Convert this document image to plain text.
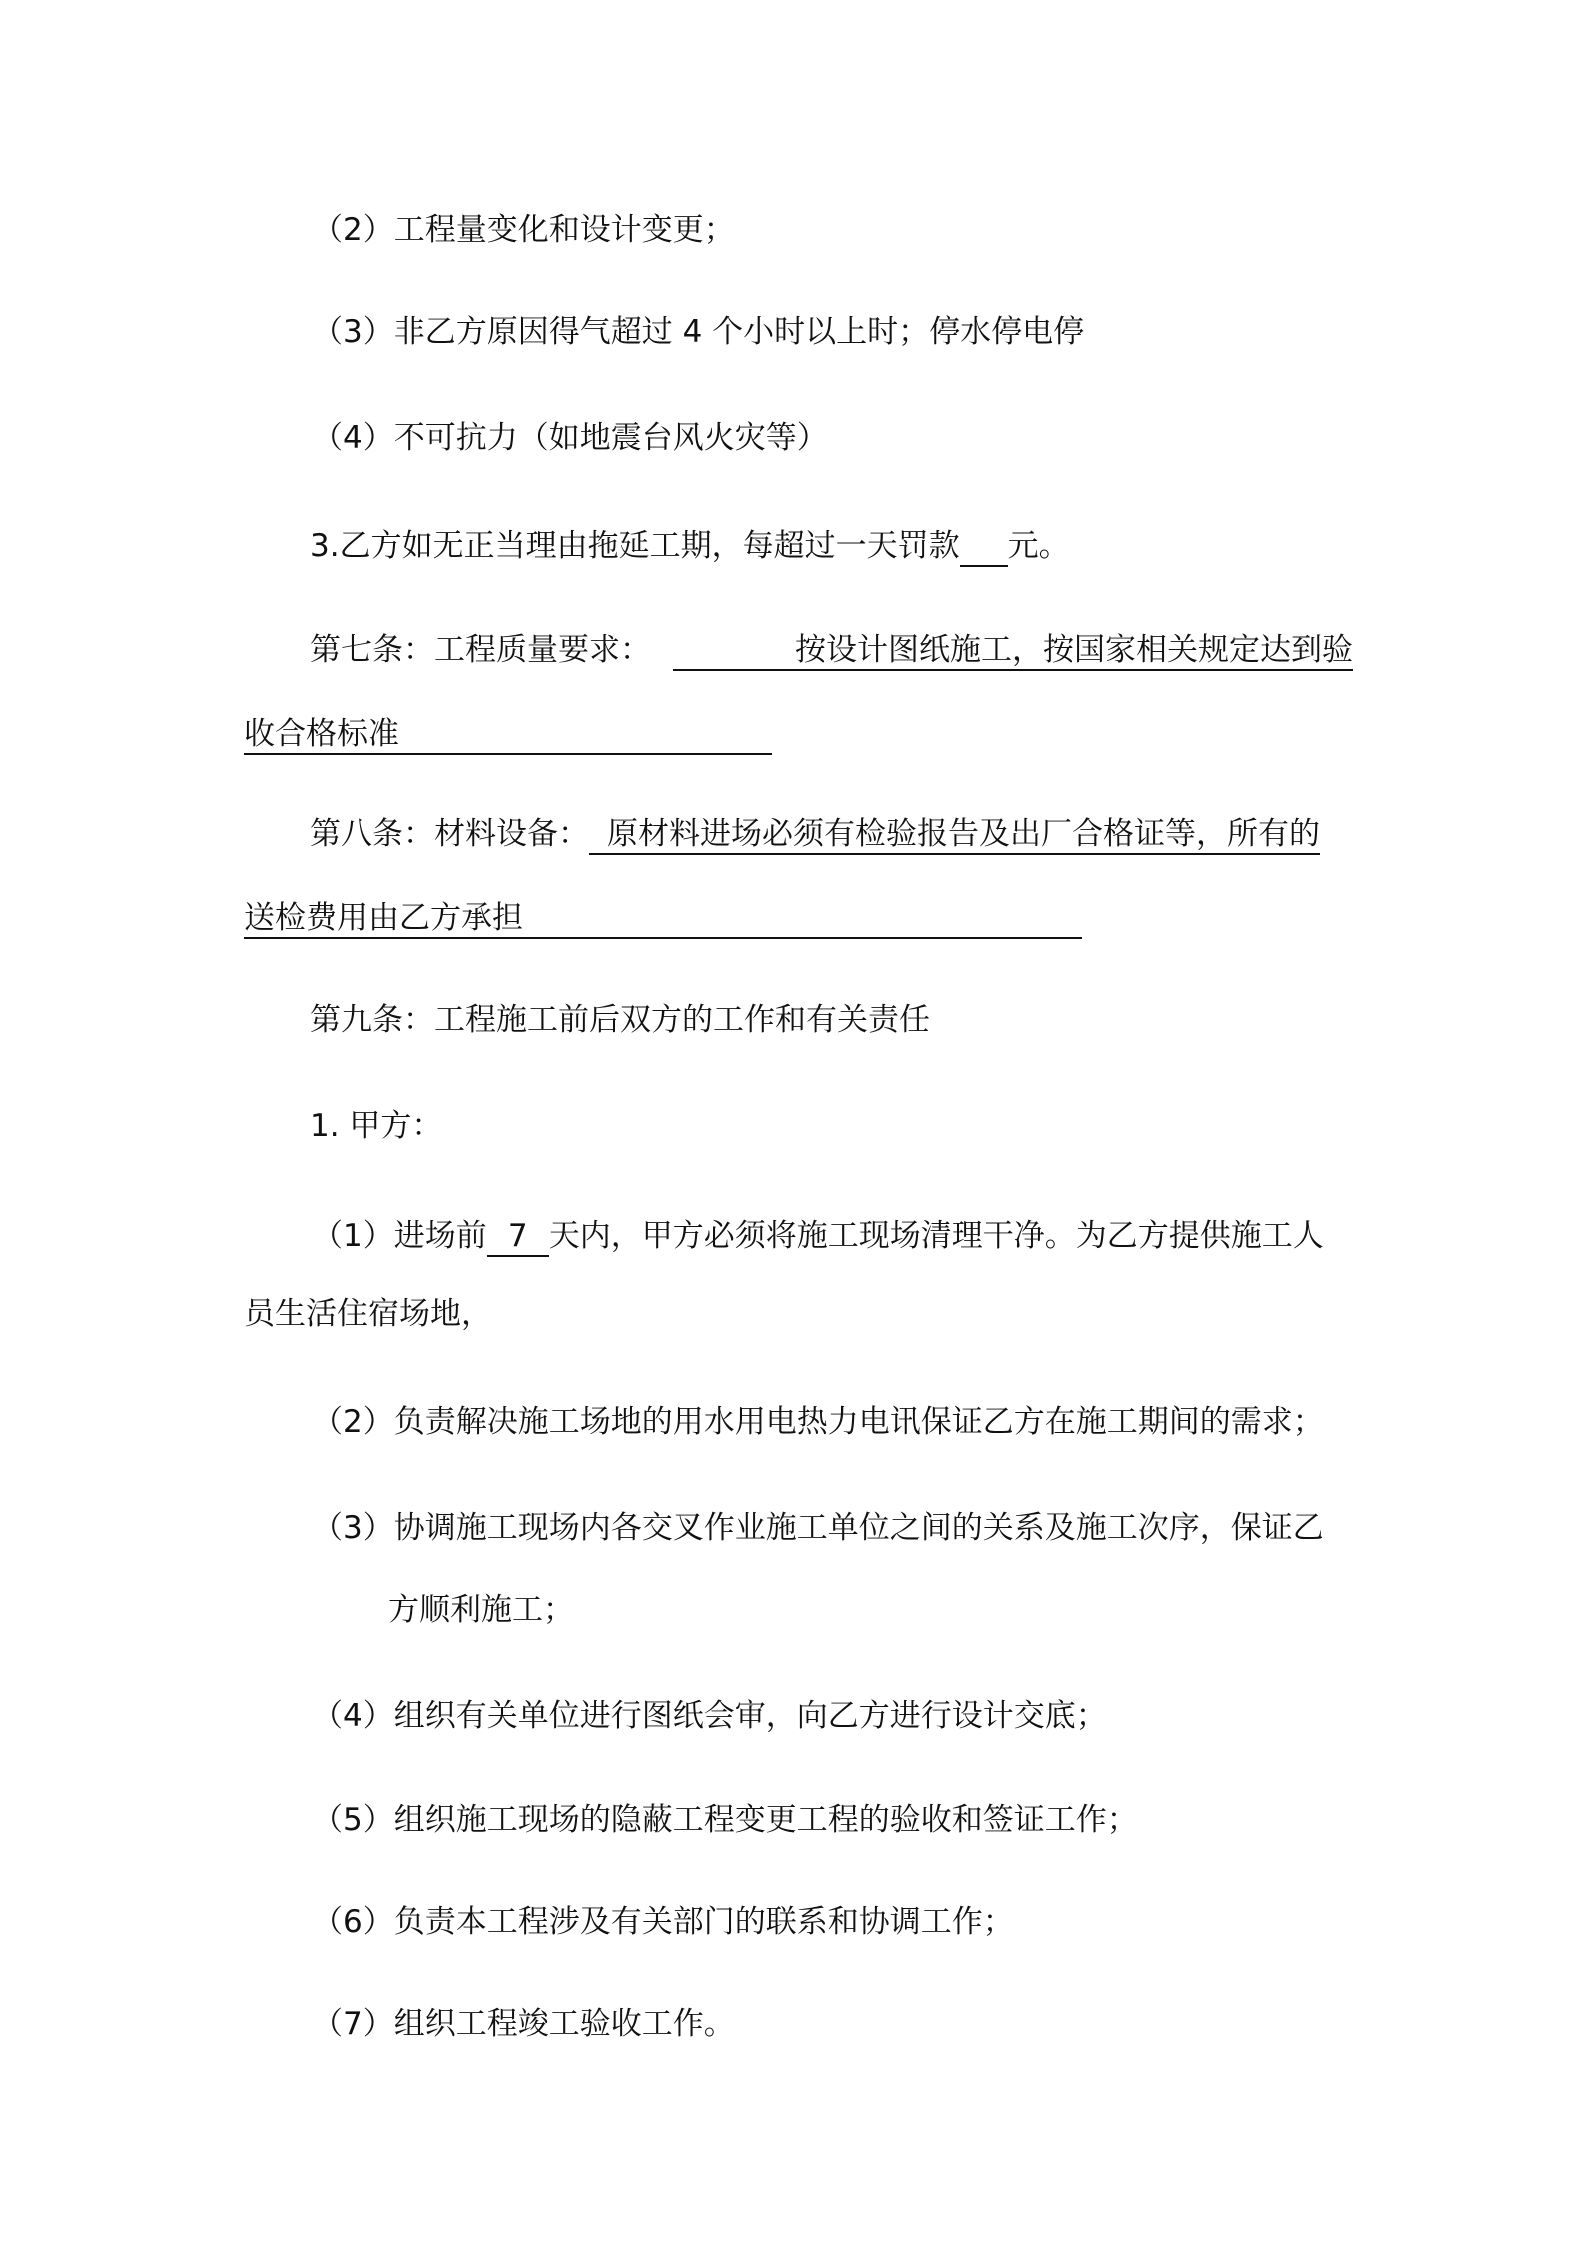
（2）工程量变化和设计变更；
（3）非乙方原因得气超过 4 个小时以上时；停水停电停
（4）不可抗力（如地震台风火灾等）
3.乙方如无正当理由拖延工期，每超过一天罚款 元。
第七条：工程质量要求：	按设计图纸施工，按国家相关规定达到验
收合格标准
第八条：材料设备： 原材料进场必须有检验报告及出厂合格证等，所有的
送检费用由乙方承担
第九条：工程施工前后双方的工作和有关责任
1. 甲方：
（1）进场前 7 天内，甲方必须将施工现场清理干净。为乙方提供施工人
员生活住宿场地，
（2）负责解决施工场地的用水用电热力电讯保证乙方在施工期间的需求；
（3）协调施工现场内各交叉作业施工单位之间的关系及施工次序，保证乙
方顺利施工；
（4）组织有关单位进行图纸会审，向乙方进行设计交底；
（5）组织施工现场的隐蔽工程变更工程的验收和签证工作；
（6）负责本工程涉及有关部门的联系和协调工作；
（7）组织工程竣工验收工作。
